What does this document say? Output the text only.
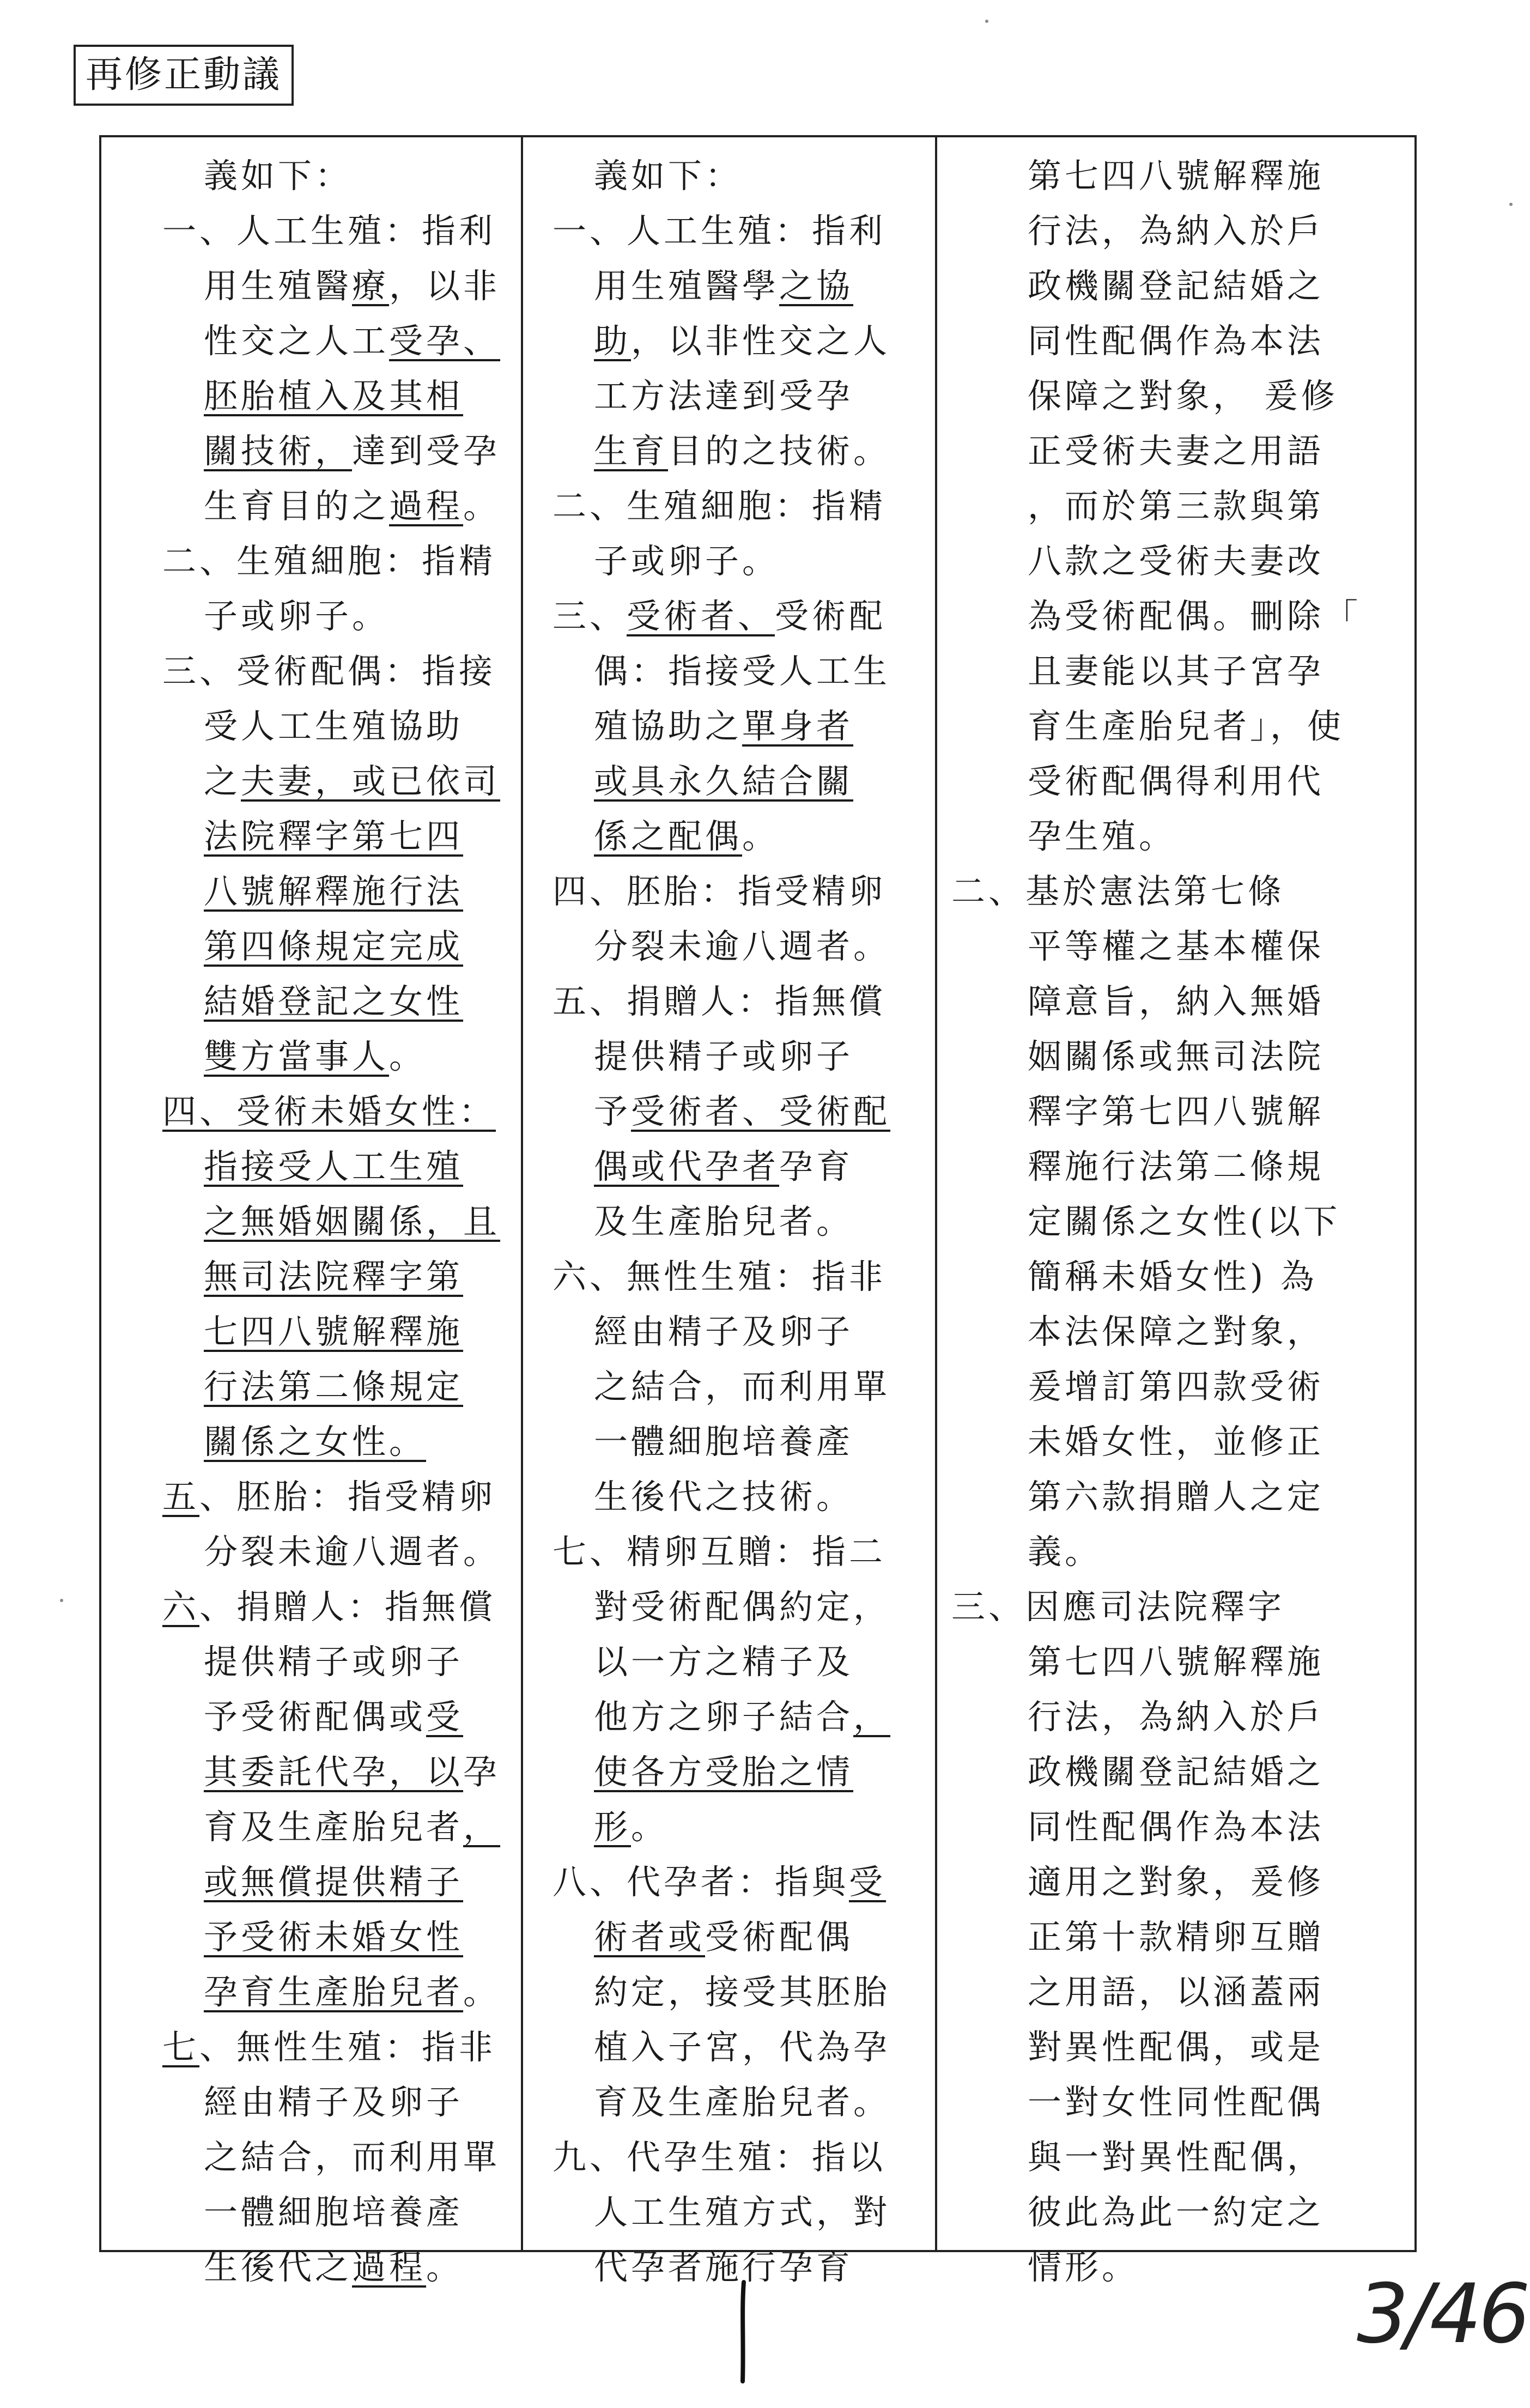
再修正動議
義如下：
一、人工生殖：指利
用生殖醫療，以非
性交之人工受孕、
胚胎植入及其相
關技術，達到受孕
生育目的之過程。
二、生殖細胞：指精
子或卵子。
三、受術配偶：指接
受人工生殖協助
之夫妻，或已依司
法院釋字第七四
八號解釋施行法
第四條規定完成
結婚登記之女性
雙方當事人。
四、受術未婚女性：
指接受人工生殖
之無婚姻關係，且
無司法院釋字第
七四八號解釋施
行法第二條規定
關係之女性。
五、胚胎：指受精卵
分裂未逾八週者。
六、捐贈人：指無償
提供精子或卵子
予受術配偶或受
其委託代孕，以孕
育及生產胎兒者，
或無償提供精子
予受術未婚女性
孕育生產胎兒者。
七、無性生殖：指非
經由精子及卵子
之結合，而利用單
一體細胞培養產
生後代之過程。
義如下：
一、人工生殖：指利
用生殖醫學之協
助，以非性交之人
工方法達到受孕
生育目的之技術。
二、生殖細胞：指精
子或卵子。
三、受術者、受術配
偶：指接受人工生
殖協助之單身者
或具永久結合關
係之配偶。
四、胚胎：指受精卵
分裂未逾八週者。
五、捐贈人：指無償
提供精子或卵子
予受術者、受術配
偶或代孕者孕育
及生產胎兒者。
六、無性生殖：指非
經由精子及卵子
之結合，而利用單
一體細胞培養產
生後代之技術。
七、精卵互贈：指二
對受術配偶約定，
以一方之精子及
他方之卵子結合，
使各方受胎之情
形。
八、代孕者：指與受
術者或受術配偶
約定，接受其胚胎
植入子宮，代為孕
育及生產胎兒者。
九、代孕生殖：指以
人工生殖方式，對
代孕者施行孕育
第七四八號解釋施
行法，為納入於戶
政機關登記結婚之
同性配偶作為本法
保障之對象， 爰修
正受術夫妻之用語
，而於第三款與第
八款之受術夫妻改
為受術配偶。刪除「
且妻能以其子宮孕
育生產胎兒者」，使
受術配偶得利用代
孕生殖。
二、基於憲法第七條
平等權之基本權保
障意旨，納入無婚
姻關係或無司法院
釋字第七四八號解
釋施行法第二條規
定關係之女性(以下
簡稱未婚女性) 為
本法保障之對象，
爰增訂第四款受術
未婚女性，並修正
第六款捐贈人之定
義。
三、因應司法院釋字
第七四八號解釋施
行法，為納入於戶
政機關登記結婚之
同性配偶作為本法
適用之對象，爰修
正第十款精卵互贈
之用語，以涵蓋兩
對異性配偶，或是
一對女性同性配偶
與一對異性配偶，
彼此為此一約定之
情形。	3/46
